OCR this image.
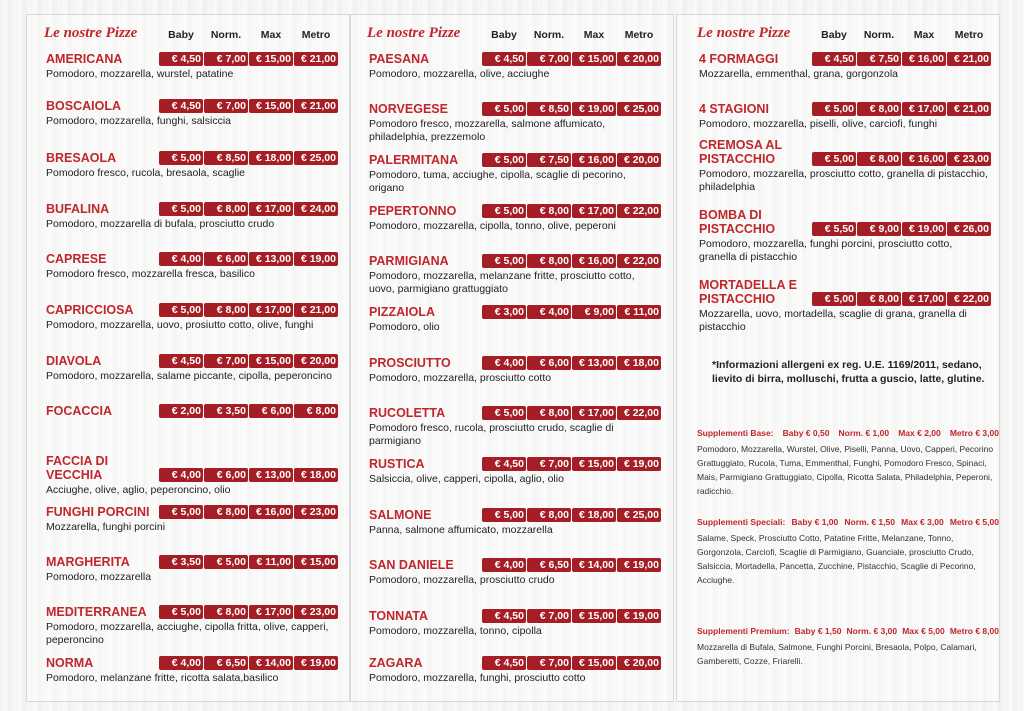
*Informazioni allergeni ex reg. U.E. 1169/2011, sedano, lievito di birra, molluschi, frutta a guscio, latte, glutine.
Supplementi Base: Baby € 0,50 Norm. € 1,00 Max € 2,00 Metro € 3,00
Pomodoro, Mozzarella, Wurstel, Olive, Piselli, Panna, Uovo, Capperi, Pecorino Grattuggiato, Rucola, Tuma, Emmenthal, Funghi, Pomodoro Fresco, Spinaci, Mais, Parmigiano Grattuggiato, Cipolla, Ricotta Salata, Philadelphia, Peperoni, radicchio.
Supplementi Speciali: Baby € 1,00 Norm. € 1,50 Max € 3,00 Metro € 5,00
Salame, Speck, Prosciutto Cotto, Patatine Fritte, Melanzane, Tonno, Gorgonzola, Carciofi, Scaglie di Parmigiano, Guanciale, prosciutto Crudo, Salsiccia, Mortadella, Pancetta, Zucchine, Pistacchio, Scaglie di Pecorino, Acciughe.
Supplementi Premium: Baby € 1,50 Norm. € 3,00 Max € 5,00 Metro € 8,00
Mozzarella di Bufala, Salmone, Funghi Porcini, Bresaola, Polpo, Calamari, Gamberetti, Cozze, Friarelli.
Le nostre Pizze	Baby	Norm.	Max	Metro
AMERICANA	€ 4,50	€ 7,00 € 15,00 € 21,00
Pomodoro, mozzarella, wurstel, patatine
BOSCAIOLA	€ 4,50	€ 7,00 € 15,00 € 21,00
Pomodoro, mozzarella, funghi, salsiccia
BRESAOLA	€ 5,00	€ 8,50 € 18,00 € 25,00
Pomodoro fresco, rucola, bresaola, scaglie
BUFALINA	€ 5,00	€ 8,00 € 17,00 € 24,00
Pomodoro, mozzarella di bufala, prosciutto crudo
CAPRESE	€ 4,00	€ 6,00 € 13,00 € 19,00
Pomodoro fresco, mozzarella fresca, basilico
CAPRICCIOSA	€ 5,00	€ 8,00 € 17,00 € 21,00
Pomodoro, mozzarella, uovo, prosiutto cotto, olive, funghi
DIAVOLA	€ 4,50	€ 7,00 € 15,00 € 20,00
Pomodoro, mozzarella, salame piccante, cipolla, peperoncino
FOCACCIA	€ 2,00	€ 3,50	€ 6,00	€ 8,00
FACCIA DI VECCHIA	€ 4,00	€ 6,00 € 13,00 € 18,00
Acciughe, olive, aglio, peperoncino, olio
FUNGHI PORCINI	€ 5,00	€ 8,00 € 16,00 € 23,00
Mozzarella, funghi porcini
MARGHERITA	€ 3,50	€ 5,00	€ 11,00 € 15,00
Pomodoro, mozzarella
MEDITERRANEA	€ 5,00	€ 8,00 € 17,00 € 23,00
Pomodoro, mozzarella, acciughe, cipolla fritta, olive, capperi, peperoncino
NORMA	€ 4,00	€ 6,50 € 14,00 € 19,00
Pomodoro, melanzane fritte, ricotta salata,basilico
Le nostre Pizze	Baby	Norm.	Max	Metro
PAESANA	€ 4,50	€ 7,00 € 15,00 € 20,00
Pomodoro, mozzarella, olive, acciughe
NORVEGESE	€ 5,00	€ 8,50 € 19,00 € 25,00
Pomodoro fresco, mozzarella, salmone affumicato, philadelphia, prezzemolo
PALERMITANA	€ 5,00	€ 7,50 € 16,00 € 20,00
Pomodoro, tuma, acciughe, cipolla, scaglie di pecorino, origano
PEPERTONNO	€ 5,00	€ 8,00 € 17,00 € 22,00
Pomodoro, mozzarella, cipolla, tonno, olive, peperoni
PARMIGIANA	€ 5,00	€ 8,00 € 16,00 € 22,00
Pomodoro, mozzarella, melanzane fritte, prosciutto cotto, uovo, parmigiano grattuggiato
PIZZAIOLA	€ 3,00	€ 4,00	€ 9,00	€ 11,00
Pomodoro, olio
PROSCIUTTO	€ 4,00	€ 6,00 € 13,00 € 18,00
Pomodoro, mozzarella, prosciutto cotto
RUCOLETTA	€ 5,00	€ 8,00 € 17,00 € 22,00
Pomodoro fresco, rucola, prosciutto crudo, scaglie di parmigiano
RUSTICA	€ 4,50	€ 7,00 € 15,00 € 19,00
Salsiccia, olive, capperi, cipolla, aglio, olio
SALMONE	€ 5,00	€ 8,00 € 18,00 € 25,00
Panna, salmone affumicato, mozzarella
SAN DANIELE	€ 4,00	€ 6,50 € 14,00 € 19,00
Pomodoro, mozzarella, prosciutto crudo
TONNATA	€ 4,50	€ 7,00 € 15,00 € 19,00
Pomodoro, mozzarella, tonno, cipolla
ZAGARA	€ 4,50	€ 7,00 € 15,00 € 20,00
Pomodoro, mozzarella, funghi, prosciutto cotto
Le nostre Pizze	Baby	Norm.	Max	Metro
4 FORMAGGI	€ 4,50	€ 7,50 € 16,00 € 21,00
Mozzarella, emmenthal, grana, gorgonzola
4 STAGIONI	€ 5,00	€ 8,00 € 17,00 € 21,00
Pomodoro, mozzarella, piselli, olive, carciofi, funghi
CREMOSA AL
PISTACCHIO	€ 5,00	€ 8,00 € 16,00 € 23,00
Pomodoro, mozzarella, prosciutto cotto, granella di pistacchio, philadelphia
BOMBA DI
PISTACCHIO	€ 5,50	€ 9,00 € 19,00 € 26,00
Pomodoro, mozzarella, funghi porcini, prosciutto cotto, granella di pistacchio
MORTADELLA E
PISTACCHIO	€ 5,00	€ 8,00 € 17,00 € 22,00
Mozzarella, uovo, mortadella, scaglie di grana, granella di pistacchio
